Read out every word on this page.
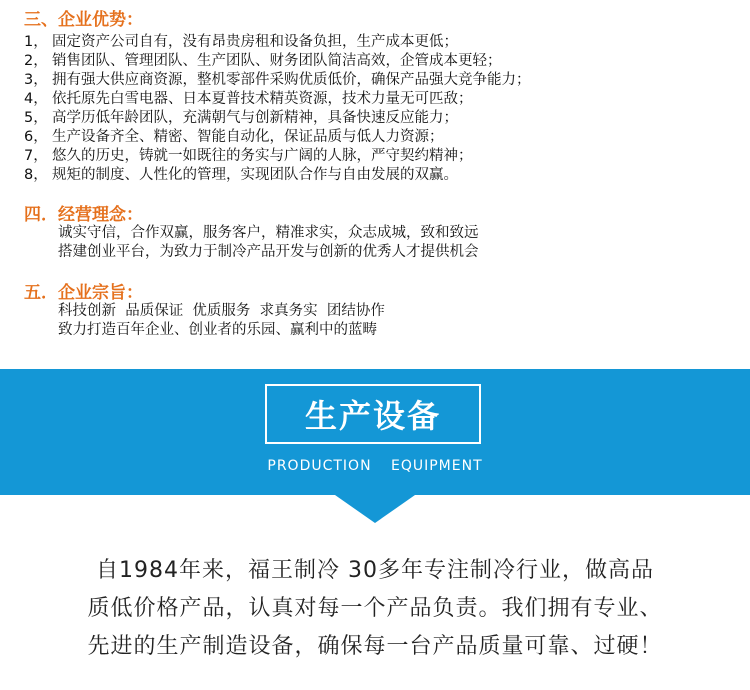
三、企业优势：
1， 固定资产公司自有，没有昂贵房租和设备负担，生产成本更低；
2， 销售团队、管理团队、生产团队、财务团队简洁高效，企管成本更轻；
3， 拥有强大供应商资源，整机零部件采购优质低价，确保产品强大竞争能力；
4， 依托原先白雪电器、日本夏普技术精英资源，技术力量无可匹敌；
5， 高学历低年龄团队，充满朝气与创新精神，具备快速反应能力；
6， 生产设备齐全、精密、智能自动化，保证品质与低人力资源；
7， 悠久的历史，铸就一如既往的务实与广阔的人脉，严守契约精神；
8， 规矩的制度、人性化的管理，实现团队合作与自由发展的双赢。
四．经营理念：
诚实守信，合作双赢，服务客户，精准求实，众志成城，致和致远
搭建创业平台，为致力于制冷产品开发与创新的优秀人才提供机会
五．企业宗旨：
科技创新  品质保证  优质服务  求真务实  团结协作
致力打造百年企业、创业者的乐园、赢利中的蓝畴
生产设备
PRODUCTION EQUIPMENT
自1984年来，福王制冷 30多年专注制冷行业，做高品
质低价格产品，认真对每一个产品负责。我们拥有专业、
先进的生产制造设备，确保每一台产品质量可靠、过硬！
